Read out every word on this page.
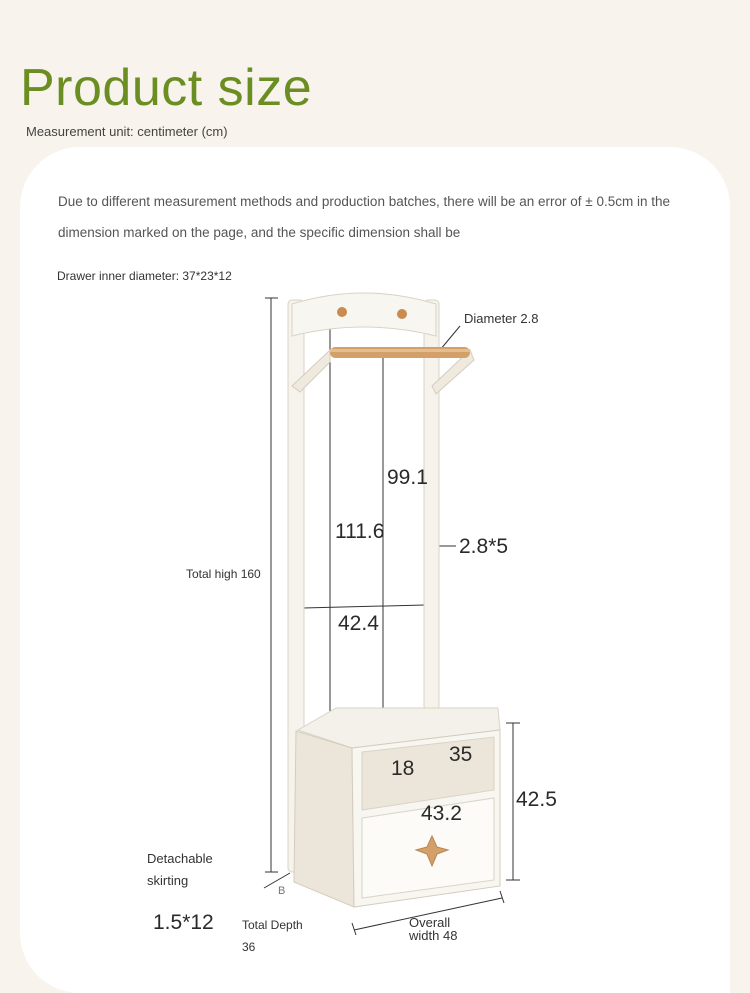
Product size
Measurement unit: centimeter (cm)
Due to different measurement methods and production batches, there will be an error of ± 0.5cm in the
dimension marked on the page, and the specific dimension shall be
Drawer inner diameter: 37*23*12
Diameter 2.8
99.1
111.6
2.8*5
Total high 160
42.4
35
18
43.2
42.5
Detachable
skirting
1.5*12
B
Total Depth
36
Overall
width 48
